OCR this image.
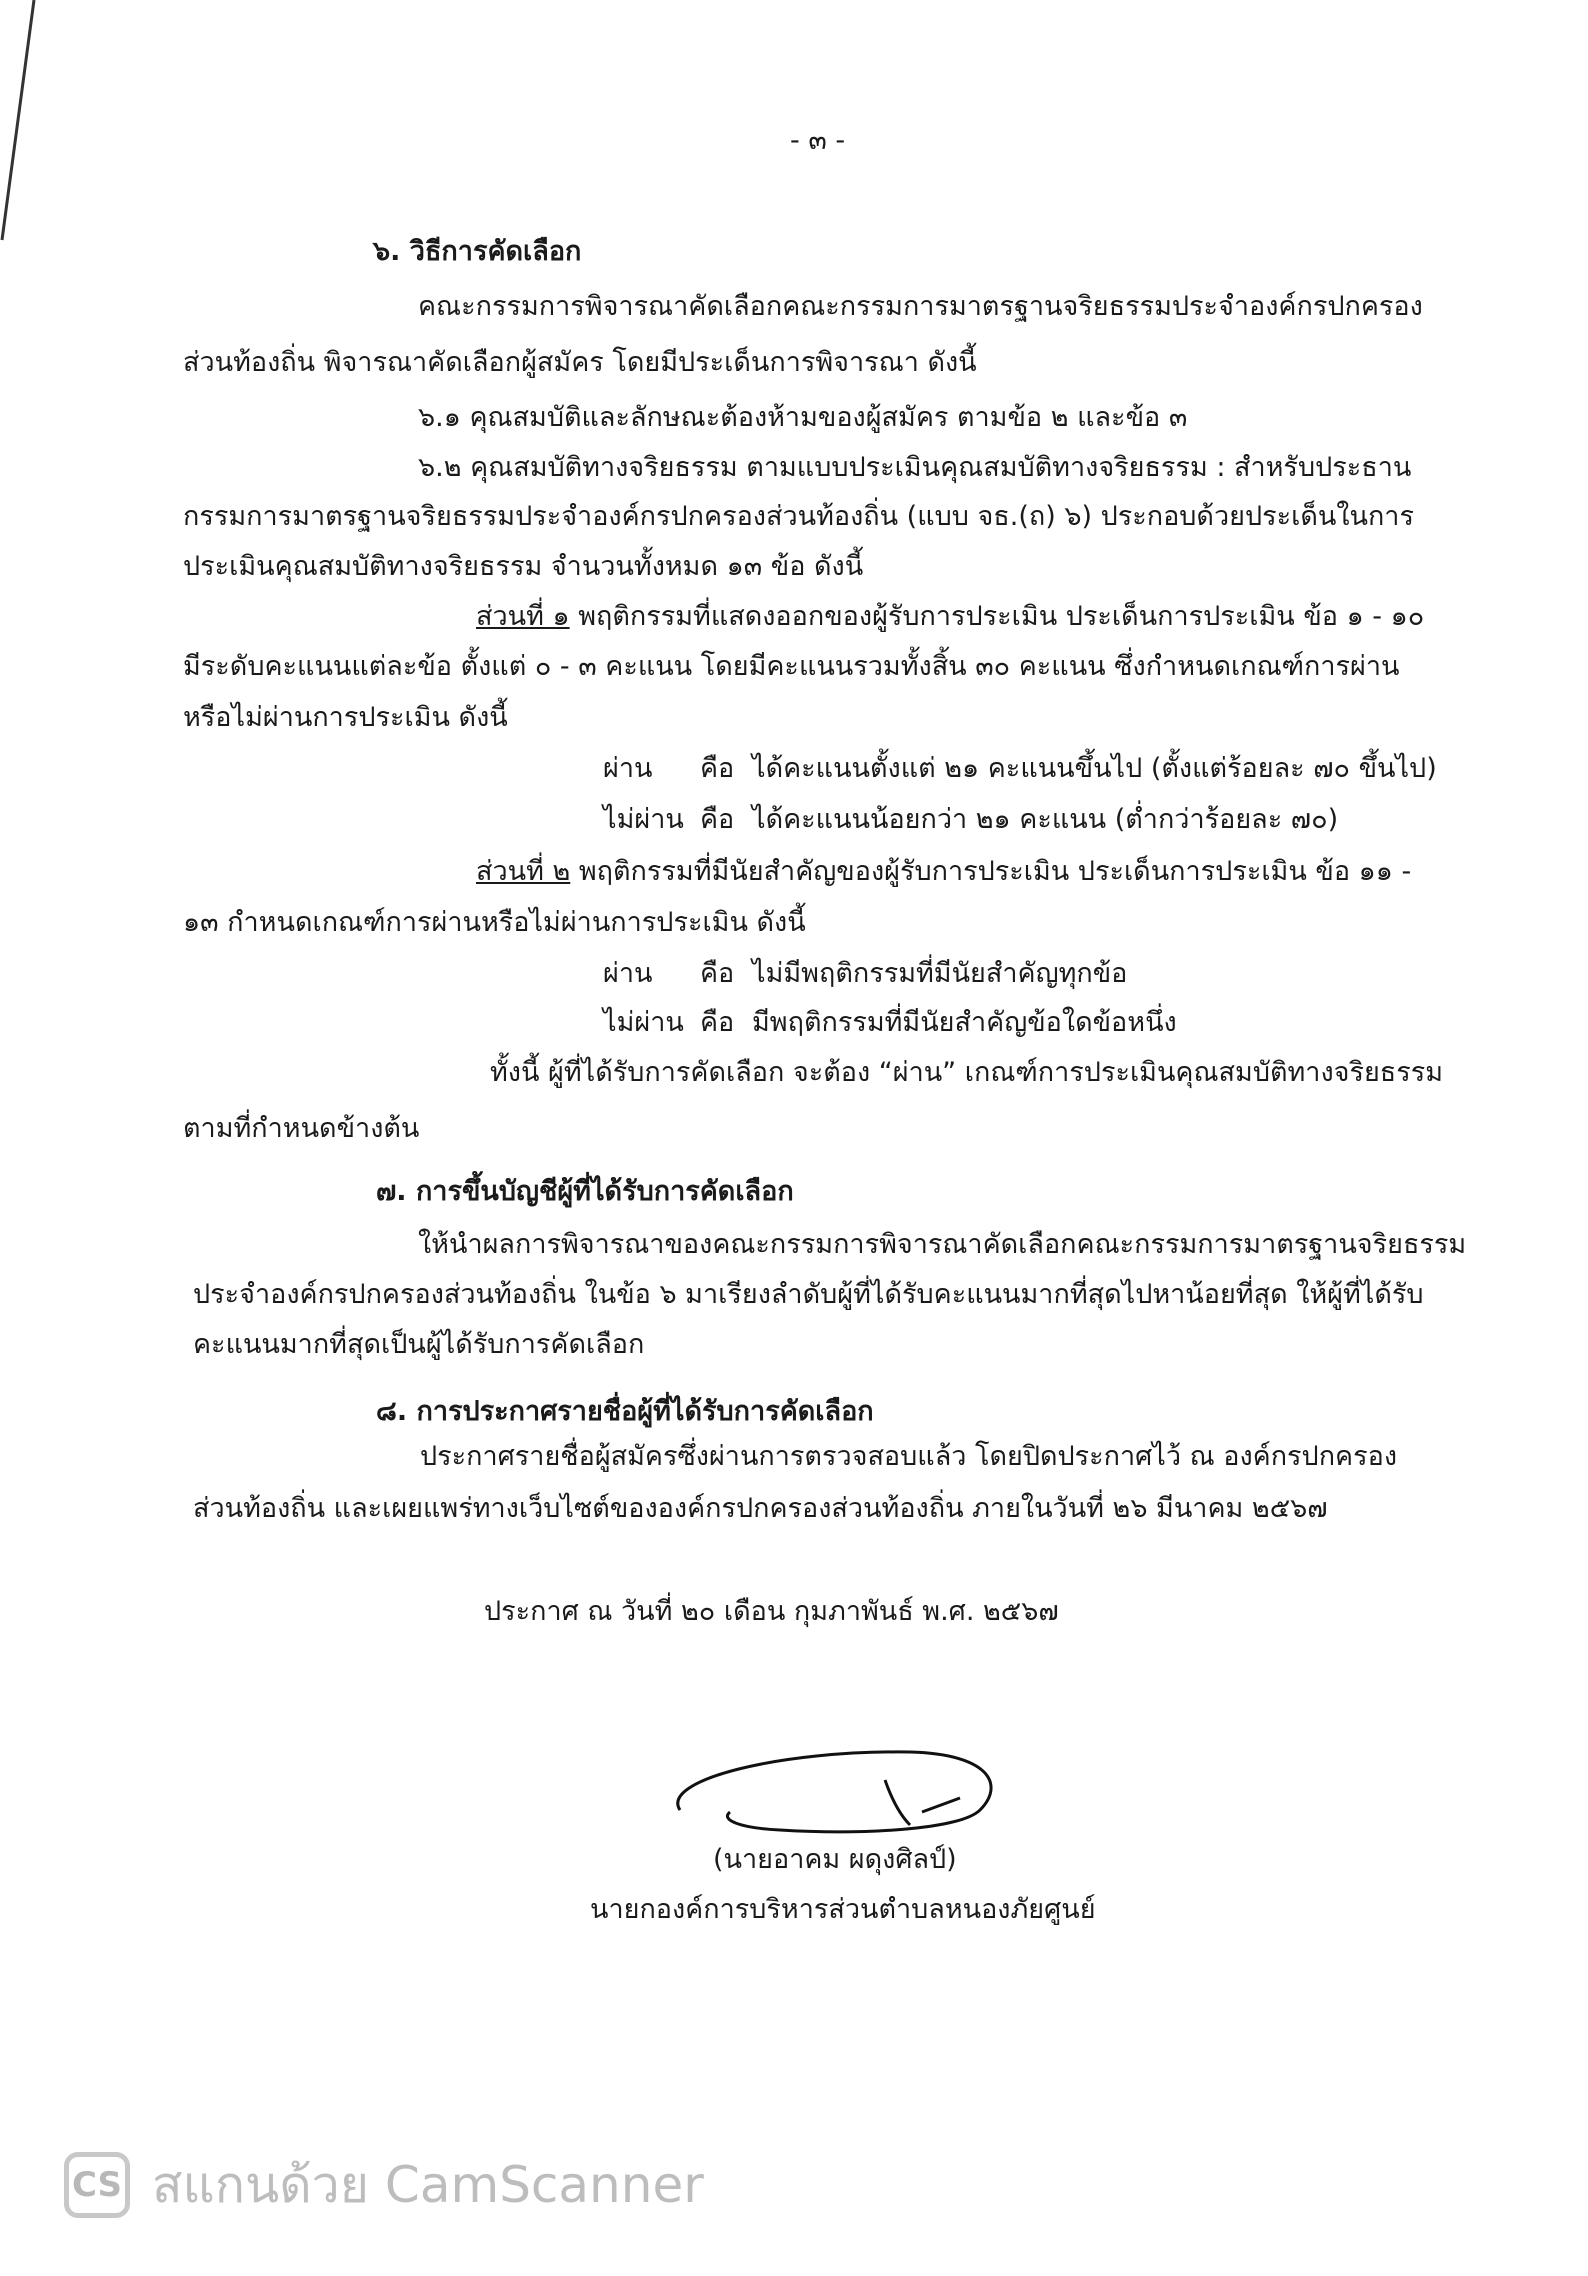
- ๓ -
๖. วิธีการคัดเลือก
คณะกรรมการพิจารณาคัดเลือกคณะกรรมการมาตรฐานจริยธรรมประจำองค์กรปกครอง
ส่วนท้องถิ่น พิจารณาคัดเลือกผู้สมัคร โดยมีประเด็นการพิจารณา ดังนี้
๖.๑ คุณสมบัติและลักษณะต้องห้ามของผู้สมัคร ตามข้อ ๒ และข้อ ๓
๖.๒ คุณสมบัติทางจริยธรรม ตามแบบประเมินคุณสมบัติทางจริยธรรม : สำหรับประธาน
กรรมการมาตรฐานจริยธรรมประจำองค์กรปกครองส่วนท้องถิ่น (แบบ จธ.(ถ) ๖) ประกอบด้วยประเด็นในการ
ประเมินคุณสมบัติทางจริยธรรม จำนวนทั้งหมด ๑๓ ข้อ ดังนี้
ส่วนที่ ๑ พฤติกรรมที่แสดงออกของผู้รับการประเมิน ประเด็นการประเมิน ข้อ ๑ - ๑๐
มีระดับคะแนนแต่ละข้อ ตั้งแต่ ๐ - ๓ คะแนน โดยมีคะแนนรวมทั้งสิ้น ๓๐ คะแนน ซึ่งกำหนดเกณฑ์การผ่าน
หรือไม่ผ่านการประเมิน ดังนี้
ผ่าน คือ ได้คะแนนตั้งแต่ ๒๑ คะแนนขึ้นไป (ตั้งแต่ร้อยละ ๗๐ ขึ้นไป)
ไม่ผ่าน คือ ได้คะแนนน้อยกว่า ๒๑ คะแนน (ต่ำกว่าร้อยละ ๗๐)
ส่วนที่ ๒ พฤติกรรมที่มีนัยสำคัญของผู้รับการประเมิน ประเด็นการประเมิน ข้อ ๑๑ -
๑๓ กำหนดเกณฑ์การผ่านหรือไม่ผ่านการประเมิน ดังนี้
ผ่าน คือ ไม่มีพฤติกรรมที่มีนัยสำคัญทุกข้อ
ไม่ผ่าน คือ มีพฤติกรรมที่มีนัยสำคัญข้อใดข้อหนึ่ง
ทั้งนี้ ผู้ที่ได้รับการคัดเลือก จะต้อง “ผ่าน” เกณฑ์การประเมินคุณสมบัติทางจริยธรรม
ตามที่กำหนดข้างต้น
๗. การขึ้นบัญชีผู้ที่ได้รับการคัดเลือก
ให้นำผลการพิจารณาของคณะกรรมการพิจารณาคัดเลือกคณะกรรมการมาตรฐานจริยธรรม
ประจำองค์กรปกครองส่วนท้องถิ่น ในข้อ ๖ มาเรียงลำดับผู้ที่ได้รับคะแนนมากที่สุดไปหาน้อยที่สุด ให้ผู้ที่ได้รับ
คะแนนมากที่สุดเป็นผู้ได้รับการคัดเลือก
๘. การประกาศรายชื่อผู้ที่ได้รับการคัดเลือก
ประกาศรายชื่อผู้สมัครซึ่งผ่านการตรวจสอบแล้ว โดยปิดประกาศไว้ ณ องค์กรปกครอง
ส่วนท้องถิ่น และเผยแพร่ทางเว็บไซต์ขององค์กรปกครองส่วนท้องถิ่น ภายในวันที่ ๒๖ มีนาคม ๒๕๖๗
ประกาศ ณ วันที่ ๒๐ เดือน กุมภาพันธ์ พ.ศ. ๒๕๖๗
(นายอาคม ผดุงศิลป์)
นายกองค์การบริหารส่วนตำบลหนองภัยศูนย์
CS สแกนด้วย CamScanner
